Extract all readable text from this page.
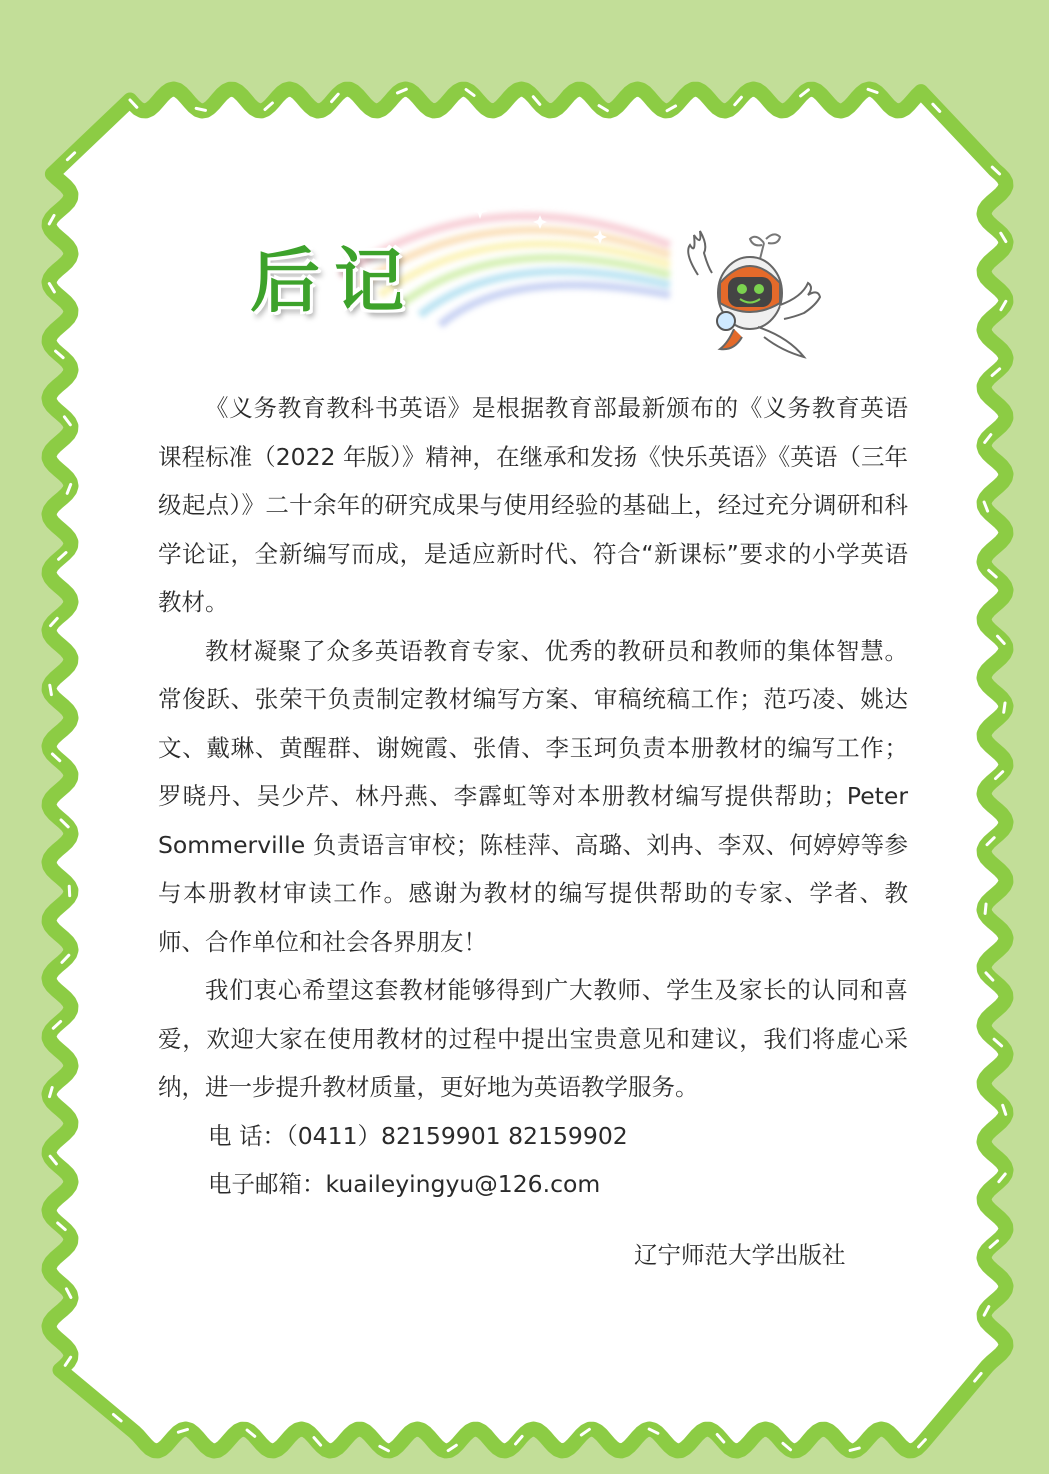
后记

《义务教育教科书英语》是根据教育部最新颁布的《义务教育英语课程标准（2022 年版）》精神，在继承和发扬《快乐英语》《英语（三年级起点）》二十余年的研究成果与使用经验的基础上，经过充分调研和科学论证，全新编写而成，是适应新时代、符合“新课标”要求的小学英语教材。

教材凝聚了众多英语教育专家、优秀的教研员和教师的集体智慧。常俊跃、张荣干负责制定教材编写方案、审稿统稿工作；范巧凌、姚达文、戴琳、黄醒群、谢婉霞、张倩、李玉珂负责本册教材的编写工作；罗晓丹、吴少芹、林丹燕、李霹虹等对本册教材编写提供帮助；Peter Sommerville 负责语言审校；陈桂萍、高璐、刘冉、李双、何婷婷等参与本册教材审读工作。感谢为教材的编写提供帮助的专家、学者、教师、合作单位和社会各界朋友！

我们衷心希望这套教材能够得到广大教师、学生及家长的认同和喜爱，欢迎大家在使用教材的过程中提出宝贵意见和建议，我们将虚心采纳，进一步提升教材质量，更好地为英语教学服务。

电 话：（0411）82159901 82159902
电子邮箱：kuaileyingyu@126.com
辽宁师范大学出版社
